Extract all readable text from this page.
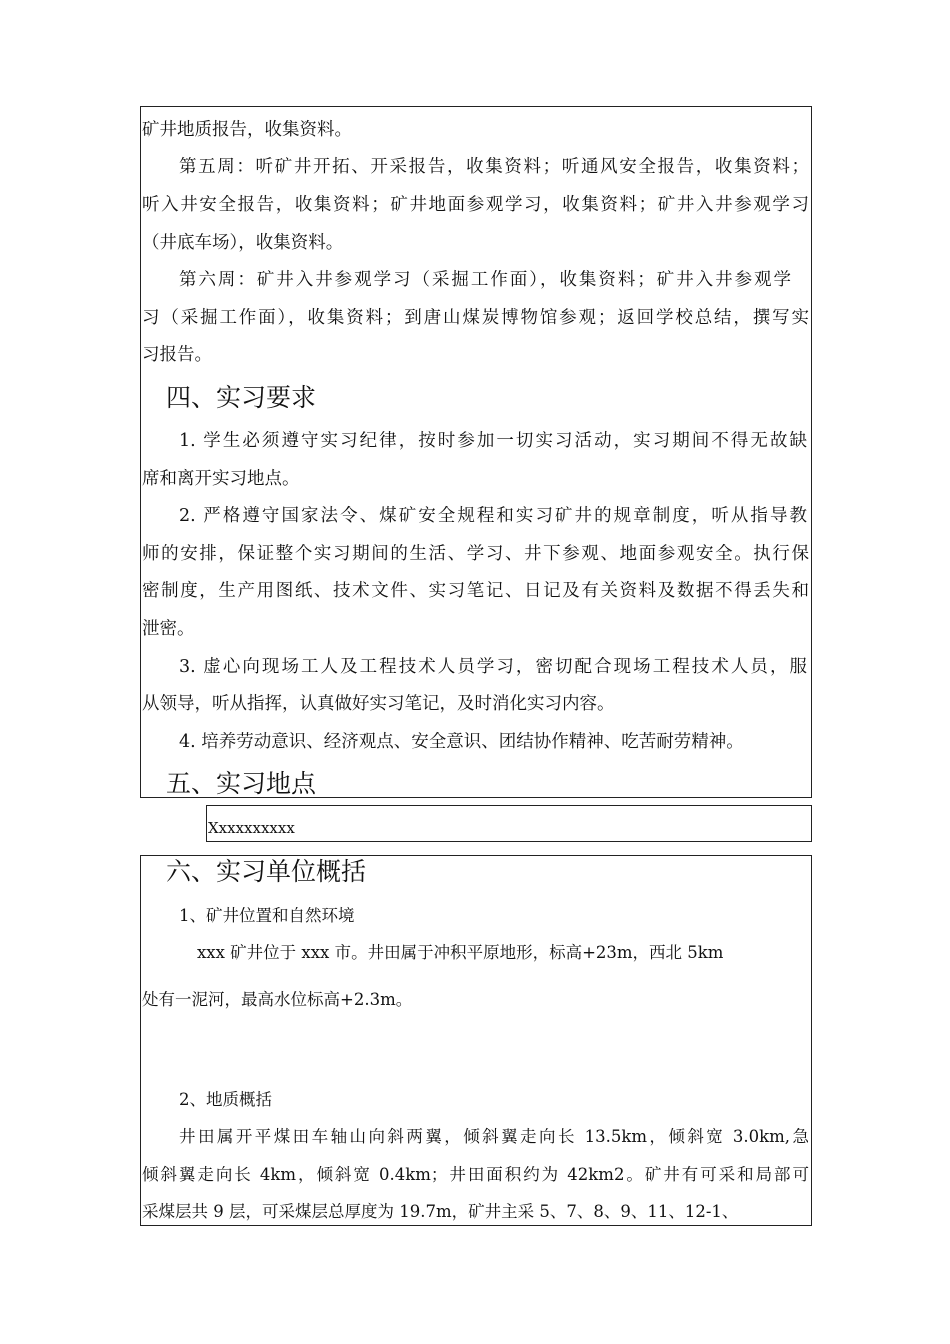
矿井地质报告，收集资料。
第五周：听矿井开拓、开采报告，收集资料；听通风安全报告，收集资料；
听入井安全报告，收集资料；矿井地面参观学习，收集资料；矿井入井参观学习
（井底车场），收集资料。
第六周：矿井入井参观学习（采掘工作面），收集资料；矿井入井参观学
习（采掘工作面），收集资料；到唐山煤炭博物馆参观；返回学校总结，撰写实
习报告。
四、实习要求
1. 学生必须遵守实习纪律，按时参加一切实习活动，实习期间不得无故缺
席和离开实习地点。
2. 严格遵守国家法令、煤矿安全规程和实习矿井的规章制度，听从指导教
师的安排，保证整个实习期间的生活、学习、井下参观、地面参观安全。执行保
密制度，生产用图纸、技术文件、实习笔记、日记及有关资料及数据不得丢失和
泄密。
3. 虚心向现场工人及工程技术人员学习，密切配合现场工程技术人员，服
从领导，听从指挥，认真做好实习笔记，及时消化实习内容。
4. 培养劳动意识、经济观点、安全意识、团结协作精神、吃苦耐劳精神。
五、实习地点
Xxxxxxxxxx
六、实习单位概括
1、矿井位置和自然环境
xxx 矿井位于 xxx 市。井田属于冲积平原地形，标高+23m，西北 5km
处有一泥河，最高水位标高+2.3m。
2、地质概括
井田属开平煤田车轴山向斜两翼，倾斜翼走向长 13.5km，倾斜宽 3.0km,急
倾斜翼走向长 4km，倾斜宽 0.4km；井田面积约为 42km2。矿井有可采和局部可
采煤层共 9 层，可采煤层总厚度为 19.7m，矿井主采 5、7、8、9、11、12-1、
